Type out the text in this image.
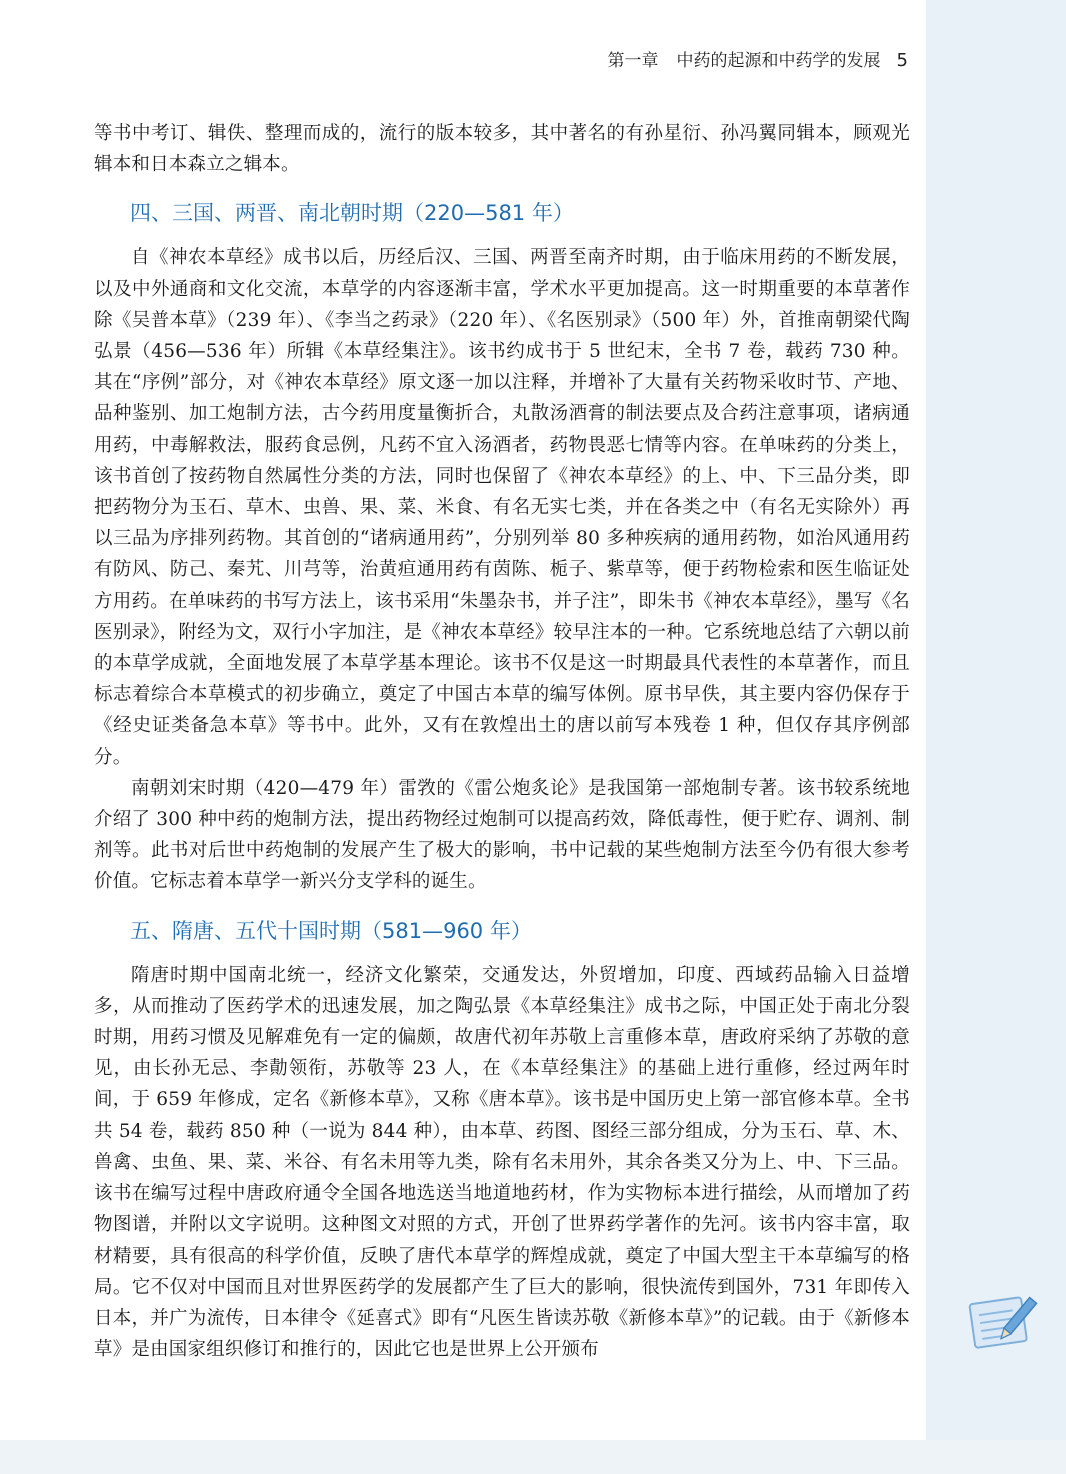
第一章 中药的起源和中药学的发展 5

等书中考订、辑佚、整理而成的，流行的版本较多，其中著名的有孙星衍、孙冯翼同辑本，顾观光辑本和日本森立之辑本。

四、三国、两晋、南北朝时期（220—581 年）

自《神农本草经》成书以后，历经后汉、三国、两晋至南齐时期，由于临床用药的不断发展，以及中外通商和文化交流，本草学的内容逐渐丰富，学术水平更加提高。这一时期重要的本草著作除《吴普本草》（239 年）、《李当之药录》（220 年）、《名医别录》（500 年）外，首推南朝梁代陶弘景（456—536 年）所辑《本草经集注》。该书约成书于 5 世纪末，全书 7 卷，载药 730 种。其在“序例”部分，对《神农本草经》原文逐一加以注释，并增补了大量有关药物采收时节、产地、品种鉴别、加工炮制方法，古今药用度量衡折合，丸散汤酒膏的制法要点及合药注意事项，诸病通用药，中毒解救法，服药食忌例，凡药不宜入汤酒者，药物畏恶七情等内容。在单味药的分类上，该书首创了按药物自然属性分类的方法，同时也保留了《神农本草经》的上、中、下三品分类，即把药物分为玉石、草木、虫兽、果、菜、米食、有名无实七类，并在各类之中（有名无实除外）再以三品为序排列药物。其首创的“诸病通用药”，分别列举 80 多种疾病的通用药物，如治风通用药有防风、防己、秦艽、川芎等，治黄疸通用药有茵陈、栀子、紫草等，便于药物检索和医生临证处方用药。在单味药的书写方法上，该书采用“朱墨杂书，并子注”，即朱书《神农本草经》，墨写《名医别录》，附经为文，双行小字加注，是《神农本草经》较早注本的一种。它系统地总结了六朝以前的本草学成就，全面地发展了本草学基本理论。该书不仅是这一时期最具代表性的本草著作，而且标志着综合本草模式的初步确立，奠定了中国古本草的编写体例。原书早佚，其主要内容仍保存于《经史证类备急本草》等书中。此外，又有在敦煌出土的唐以前写本残卷 1 种，但仅存其序例部分。

南朝刘宋时期（420—479 年）雷敩的《雷公炮炙论》是我国第一部炮制专著。该书较系统地介绍了 300 种中药的炮制方法，提出药物经过炮制可以提高药效，降低毒性，便于贮存、调剂、制剂等。此书对后世中药炮制的发展产生了极大的影响，书中记载的某些炮制方法至今仍有很大参考价值。它标志着本草学一新兴分支学科的诞生。

五、隋唐、五代十国时期（581—960 年）

隋唐时期中国南北统一，经济文化繁荣，交通发达，外贸增加，印度、西域药品输入日益增多，从而推动了医药学术的迅速发展，加之陶弘景《本草经集注》成书之际，中国正处于南北分裂时期，用药习惯及见解难免有一定的偏颇，故唐代初年苏敬上言重修本草，唐政府采纳了苏敬的意见，由长孙无忌、李勣领衔，苏敬等 23 人，在《本草经集注》的基础上进行重修，经过两年时间，于 659 年修成，定名《新修本草》，又称《唐本草》。该书是中国历史上第一部官修本草。全书共 54 卷，载药 850 种（一说为 844 种），由本草、药图、图经三部分组成，分为玉石、草、木、兽禽、虫鱼、果、菜、米谷、有名未用等九类，除有名未用外，其余各类又分为上、中、下三品。该书在编写过程中唐政府通令全国各地选送当地道地药材，作为实物标本进行描绘，从而增加了药物图谱，并附以文字说明。这种图文对照的方式，开创了世界药学著作的先河。该书内容丰富，取材精要，具有很高的科学价值，反映了唐代本草学的辉煌成就，奠定了中国大型主干本草编写的格局。它不仅对中国而且对世界医药学的发展都产生了巨大的影响，很快流传到国外，731 年即传入日本，并广为流传，日本律令《延喜式》即有“凡医生皆读苏敬《新修本草》”的记载。由于《新修本草》是由国家组织修订和推行的，因此它也是世界上公开颁布
